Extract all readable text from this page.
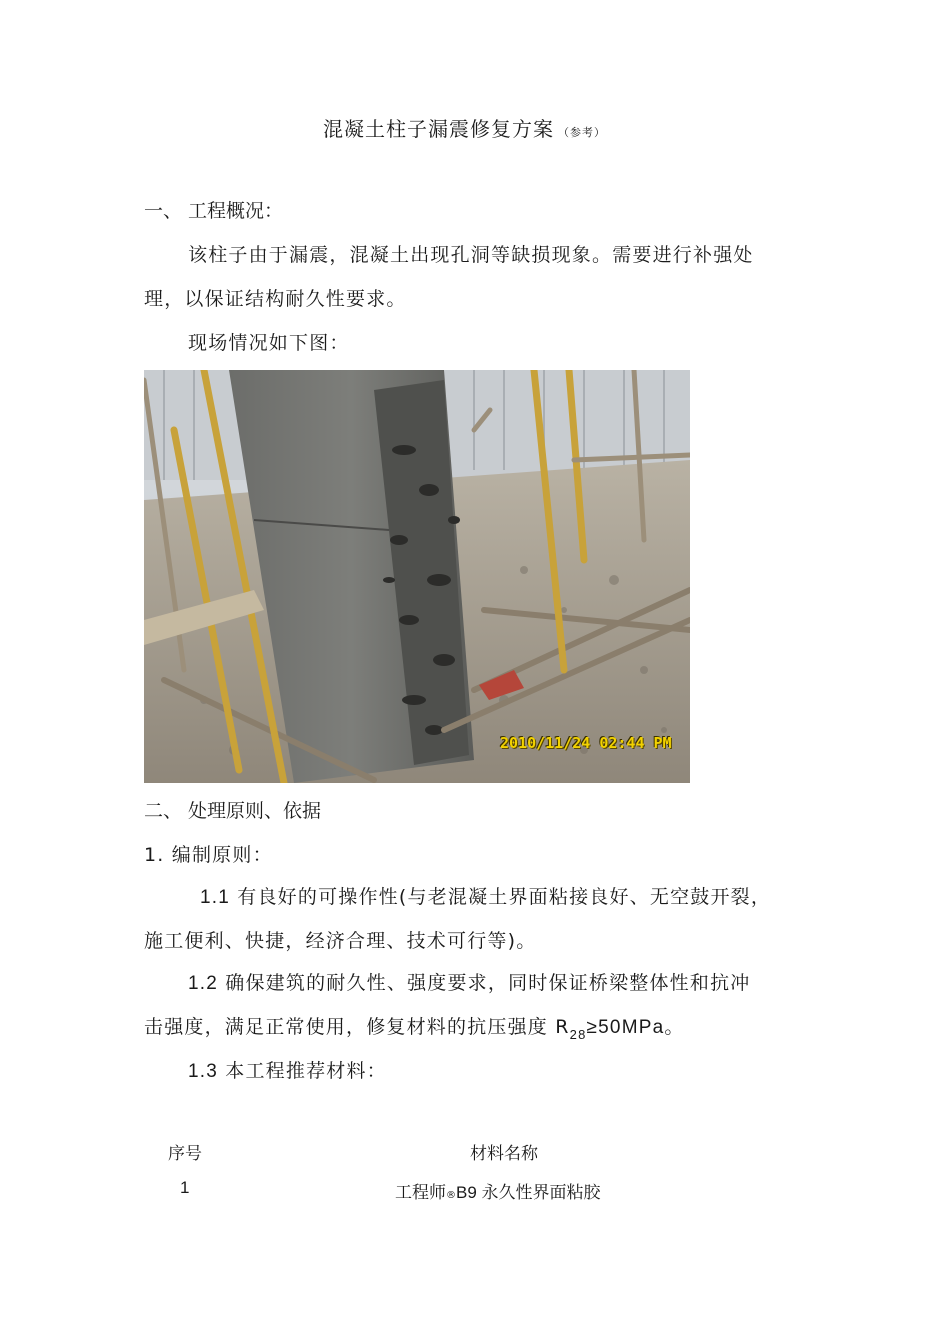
混凝土柱子漏震修复方案 （参考）
一、 工程概况：
该柱子由于漏震，混凝土出现孔洞等缺损现象。需要进行补强处
理，以保证结构耐久性要求。
现场情况如下图：
2010/11/24 02:44 PM
二、 处理原则、依据
1. 编制原则：
1.1 有良好的可操作性(与老混凝土界面粘接良好、无空鼓开裂，
施工便利、快捷，经济合理、技术可行等)。
1.2 确保建筑的耐久性、强度要求，同时保证桥梁整体性和抗冲
击强度，满足正常使用，修复材料的抗压强度 $R_{28}\ge 50MPa$。
1.3 本工程推荐材料：
序号	材料名称
1	工程师®B9 永久性界面粘胶
